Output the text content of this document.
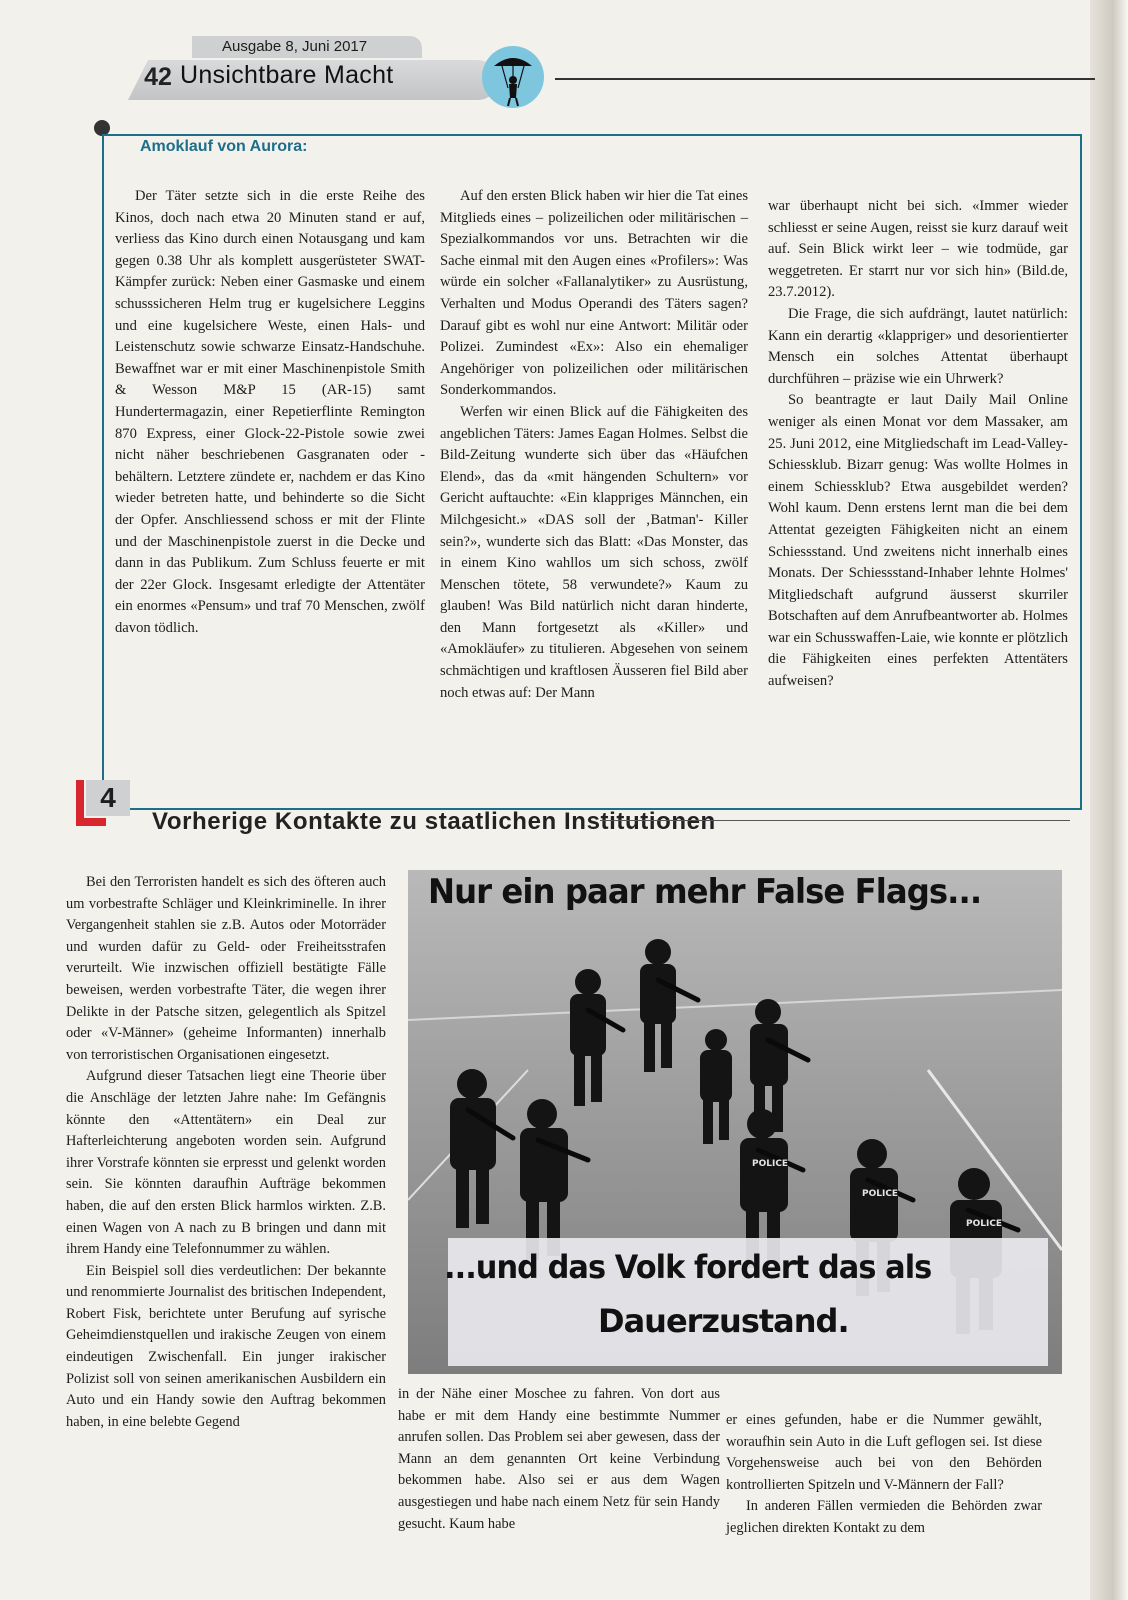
Ausgabe 8, Juni 2017
42 Unsichtbare Macht
Amoklauf von Aurora:

Der Täter setzte sich in die erste Reihe des Kinos, doch nach etwa 20 Minuten stand er auf, verliess das Kino durch einen Notausgang und kam gegen 0.38 Uhr als komplett ausgerüsteter SWAT-Kämpfer zurück: Neben einer Gasmaske und einem schusssicheren Helm trug er kugelsichere Leggins und eine kugelsichere Weste, einen Hals- und Leistenschutz sowie schwarze Einsatz-Handschuhe. Bewaffnet war er mit einer Maschinenpistole Smith & Wesson M&P 15 (AR-15) samt Hundertermagazin, einer Repetierflinte Remington 870 Express, einer Glock-22-Pistole sowie zwei nicht näher beschriebenen Gasgranaten oder -behältern. Letztere zündete er, nachdem er das Kino wieder betreten hatte, und behinderte so die Sicht der Opfer. Anschliessend schoss er mit der Flinte und der Maschinenpistole zuerst in die Decke und dann in das Publikum. Zum Schluss feuerte er mit der 22er Glock. Insgesamt erledigte der Attentäter ein enormes «Pensum» und traf 70 Menschen, zwölf davon tödlich.

Auf den ersten Blick haben wir hier die Tat eines Mitglieds eines – polizeilichen oder militärischen – Spezialkommandos vor uns. Betrachten wir die Sache einmal mit den Augen eines «Profilers»: Was würde ein solcher «Fallanalytiker» zu Ausrüstung, Verhalten und Modus Operandi des Täters sagen? Darauf gibt es wohl nur eine Antwort: Militär oder Polizei. Zumindest «Ex»: Also ein ehemaliger Angehöriger von polizeilichen oder militärischen Sonderkommandos.

Werfen wir einen Blick auf die Fähigkeiten des angeblichen Täters: James Eagan Holmes. Selbst die Bild-Zeitung wunderte sich über das «Häufchen Elend», das da «mit hängenden Schultern» vor Gericht auftauchte: «Ein klappriges Männchen, ein Milchgesicht.» «DAS soll der ‚Batman'- Killer sein?», wunderte sich das Blatt: «Das Monster, das in einem Kino wahllos um sich schoss, zwölf Menschen tötete, 58 verwundete?» Kaum zu glauben! Was Bild natürlich nicht daran hinderte, den Mann fortgesetzt als «Killer» und «Amokläufer» zu titulieren. Abgesehen von seinem schmächtigen und kraftlosen Äusseren fiel Bild aber noch etwas auf: Der Mann

war überhaupt nicht bei sich. «Immer wieder schliesst er seine Augen, reisst sie kurz darauf weit auf. Sein Blick wirkt leer – wie todmüde, gar weggetreten. Er starrt nur vor sich hin» (Bild.de, 23.7.2012).

Die Frage, die sich aufdrängt, lautet natürlich: Kann ein derartig «klappriger» und desorientierter Mensch ein solches Attentat überhaupt durchführen – präzise wie ein Uhrwerk?

So beantragte er laut Daily Mail Online weniger als einen Monat vor dem Massaker, am 25. Juni 2012, eine Mitgliedschaft im Lead-Valley-Schiessklub. Bizarr genug: Was wollte Holmes in einem Schiessklub? Etwa ausgebildet werden? Wohl kaum. Denn erstens lernt man die bei dem Attentat gezeigten Fähigkeiten nicht an einem Schiessstand. Und zweitens nicht innerhalb eines Monats. Der Schiessstand-Inhaber lehnte Holmes' Mitgliedschaft aufgrund äusserst skurriler Botschaften auf dem Anrufbeantworter ab. Holmes war ein Schusswaffen-Laie, wie konnte er plötzlich die Fähigkeiten eines perfekten Attentäters aufweisen?

4
Vorherige Kontakte zu staatlichen Institutionen

Bei den Terroristen handelt es sich des öfteren auch um vorbestrafte Schläger und Kleinkriminelle. In ihrer Vergangenheit stahlen sie z.B. Autos oder Motorräder und wurden dafür zu Geld- oder Freiheitsstrafen verurteilt. Wie inzwischen offiziell bestätigte Fälle beweisen, werden vorbestrafte Täter, die wegen ihrer Delikte in der Patsche sitzen, gelegentlich als Spitzel oder «V-Männer» (geheime Informanten) innerhalb von terroristischen Organisationen eingesetzt.

Aufgrund dieser Tatsachen liegt eine Theorie über die Anschläge der letzten Jahre nahe: Im Gefängnis könnte den «Attentätern» ein Deal zur Hafterleichterung angeboten worden sein. Aufgrund ihrer Vorstrafe könnten sie erpresst und gelenkt worden sein. Sie könnten daraufhin Aufträge bekommen haben, die auf den ersten Blick harmlos wirkten. Z.B. einen Wagen von A nach zu B bringen und dann mit ihrem Handy eine Telefonnummer zu wählen.

Ein Beispiel soll dies verdeutlichen: Der bekannte und renommierte Journalist des britischen Independent, Robert Fisk, berichtete unter Berufung auf syrische Geheimdienstquellen und irakische Zeugen von einem eindeutigen Zwischenfall. Ein junger irakischer Polizist soll von seinen amerikanischen Ausbildern ein Auto und ein Handy sowie den Auftrag bekommen haben, in eine belebte Gegend

in der Nähe einer Moschee zu fahren. Von dort aus habe er mit dem Handy eine bestimmte Nummer anrufen sollen. Das Problem sei aber gewesen, dass der Mann an dem genannten Ort keine Verbindung bekommen habe. Also sei er aus dem Wagen ausgestiegen und habe nach einem Netz für sein Handy gesucht. Kaum habe

er eines gefunden, habe er die Nummer gewählt, woraufhin sein Auto in die Luft geflogen sei. Ist diese Vorgehensweise auch bei von den Behörden kontrollierten Spitzeln und V-Männern der Fall?

In anderen Fällen vermieden die Behörden zwar jeglichen direkten Kontakt zu dem

POLICE
POLICE
POLICE
Nur ein paar mehr False Flags...
...und das Volk fordert das als
Dauerzustand.
